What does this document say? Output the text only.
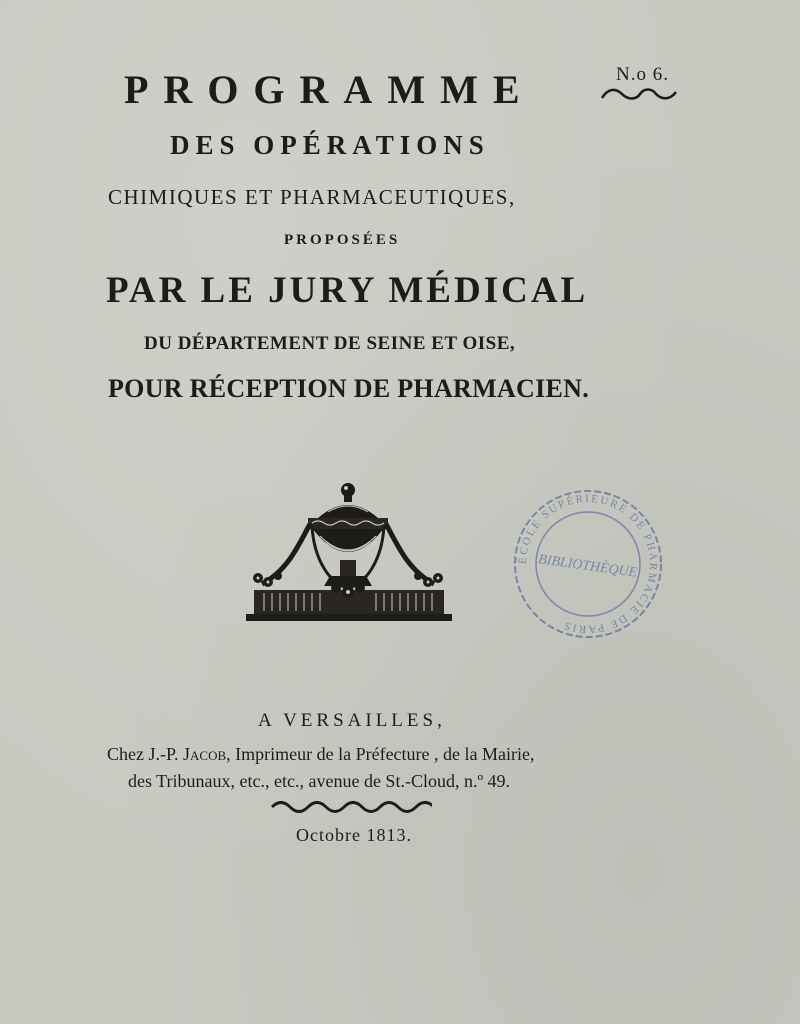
N.o 6.

PROGRAMME

DES OPÉRATIONS

CHIMIQUES ET PHARMACEUTIQUES,

PROPOSÉES

PAR LE JURY MÉDICAL

DU DÉPARTEMENT DE SEINE ET OISE,

POUR RÉCEPTION DE PHARMACIEN.

ÉCOLE SUPÉRIEURE DE PHARMACIE DE PARIS
BIBLIOTHÈQUE

A VERSAILLES,

Chez J.-P. Jacob, Imprimeur de la Préfecture , de la Mairie,

des Tribunaux, etc., etc., avenue de St.-Cloud, n.º 49.

Octobre 1813.
